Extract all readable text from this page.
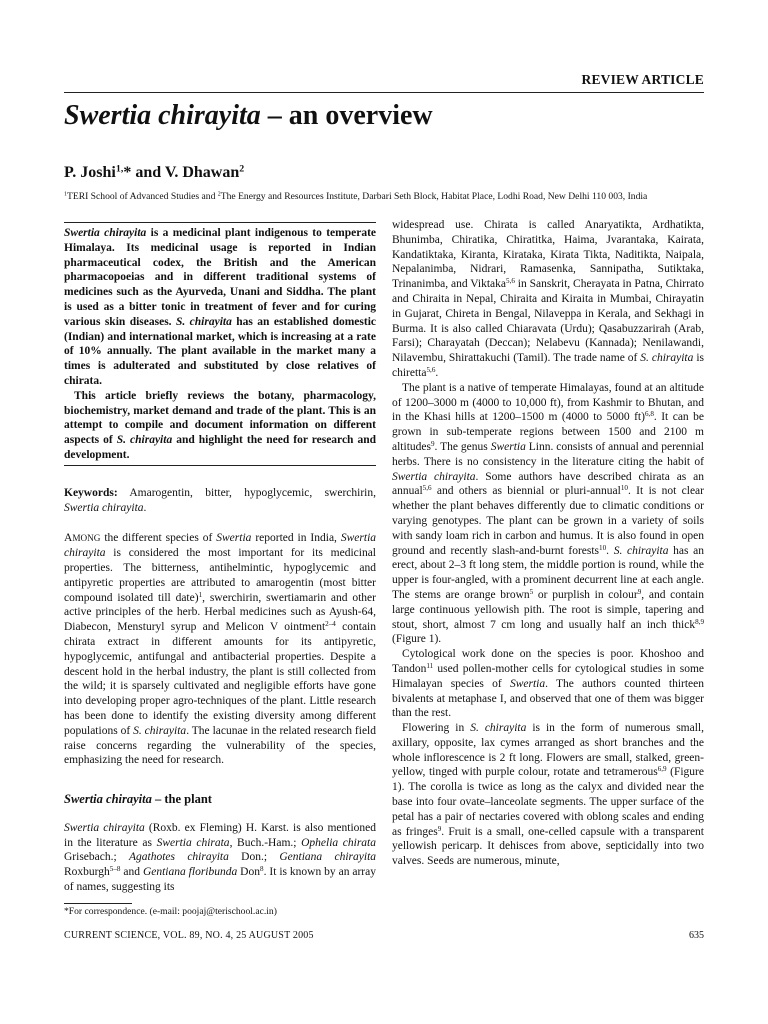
REVIEW ARTICLE
Swertia chirayita – an overview
P. Joshi$^{1,}$* and V. Dhawan$^2$
$^1$TERI School of Advanced Studies and $^2$The Energy and Resources Institute, Darbari Seth Block, Habitat Place, Lodhi Road, New Delhi 110 003, India

Swertia chirayita is a medicinal plant indigenous to temperate Himalaya. Its medicinal usage is reported in Indian pharmaceutical codex, the British and the American pharmacopoeias and in different traditional systems of medicines such as the Ayurveda, Unani and Siddha. The plant is used as a bitter tonic in treatment of fever and for curing various skin diseases. S. chirayita has an established domestic (Indian) and international market, which is increasing at a rate of 10% annually. The plant available in the market many a times is adulterated and substituted by close relatives of chirata.

This article briefly reviews the botany, pharmacology, biochemistry, market demand and trade of the plant. This is an attempt to compile and document information on different aspects of S. chirayita and highlight the need for research and development.

Keywords: Amarogentin, bitter, hypoglycemic, swerchirin, Swertia chirayita.

AMONG the different species of Swertia reported in India, Swertia chirayita is considered the most important for its medicinal properties. The bitterness, antihelmintic, hypoglycemic and antipyretic properties are attributed to amarogentin (most bitter compound isolated till date)$^1$, swerchirin, swertiamarin and other active principles of the herb. Herbal medicines such as Ayush-64, Diabecon, Mensturyl syrup and Melicon V ointment$^{2-4}$ contain chirata extract in different amounts for its antipyretic, hypoglycemic, antifungal and antibacterial properties. Despite a descent hold in the herbal industry, the plant is still collected from the wild; it is sparsely cultivated and negligible efforts have gone into developing proper agro-techniques of the plant. Little research has been done to identify the existing diversity among different populations of S. chirayita. The lacunae in the related research field raise concerns regarding the vulnerability of the species, emphasizing the need for research.

Swertia chirayita – the plant

Swertia chirayita (Roxb. ex Fleming) H. Karst. is also mentioned in the literature as Swertia chirata, Buch.-Ham.; Ophelia chirata Grisebach.; Agathotes chirayita Don.; Gentiana chirayita Roxburgh$^{5-8}$ and Gentiana floribunda Don$^8$. It is known by an array of names, suggesting its

widespread use. Chirata is called Anaryatikta, Ardhatikta, Bhunimba, Chiratika, Chiratitka, Haima, Jvarantaka, Kairata, Kandatiktaka, Kiranta, Kirataka, Kirata Tikta, Naditikta, Naipala, Nepalanimba, Nidrari, Ramasenka, Sannipatha, Sutiktaka, Trinanimba, and Viktaka$^{5,6}$ in Sanskrit, Cherayata in Patna, Chirrato and Chiraita in Nepal, Chiraita and Kiraita in Mumbai, Chirayatin in Gujarat, Chireta in Bengal, Nilaveppa in Kerala, and Sekhagi in Burma. It is also called Chiaravata (Urdu); Qasabuzzarirah (Arab, Farsi); Charayatah (Deccan); Nelabevu (Kannada); Nenilawandi, Nilavembu, Shirattakuchi (Tamil). The trade name of S. chirayita is chiretta$^{5,6}$.

The plant is a native of temperate Himalayas, found at an altitude of 1200–3000 m (4000 to 10,000 ft), from Kashmir to Bhutan, and in the Khasi hills at 1200–1500 m (4000 to 5000 ft)$^{6,8}$. It can be grown in sub-temperate regions between 1500 and 2100 m altitudes$^9$. The genus Swertia Linn. consists of annual and perennial herbs. There is no consistency in the literature citing the habit of Swertia chirayita. Some authors have described chirata as an annual$^{5,6}$ and others as biennial or pluri-annual$^{10}$. It is not clear whether the plant behaves differently due to climatic conditions or varying genotypes. The plant can be grown in a variety of soils with sandy loam rich in carbon and humus. It is also found in open ground and recently slash-and-burnt forests$^{10}$. S. chirayita has an erect, about 2–3 ft long stem, the middle portion is round, while the upper is four-angled, with a prominent decurrent line at each angle. The stems are orange brown$^5$ or purplish in colour$^9$, and contain large continuous yellowish pith. The root is simple, tapering and stout, short, almost 7 cm long and usually half an inch thick$^{8,9}$ (Figure 1).

Cytological work done on the species is poor. Khoshoo and Tandon$^{11}$ used pollen-mother cells for cytological studies in some Himalayan species of Swertia. The authors counted thirteen bivalents at metaphase I, and observed that one of them was bigger than the rest.

Flowering in S. chirayita is in the form of numerous small, axillary, opposite, lax cymes arranged as short branches and the whole inflorescence is 2 ft long. Flowers are small, stalked, green-yellow, tinged with purple colour, rotate and tetramerous$^{6,9}$ (Figure 1). The corolla is twice as long as the calyx and divided near the base into four ovate–lanceolate segments. The upper surface of the petal has a pair of nectaries covered with oblong scales and ending as fringes$^9$. Fruit is a small, one-celled capsule with a transparent yellowish pericarp. It dehisces from above, septicidally into two valves. Seeds are numerous, minute,

*For correspondence. (e-mail: poojaj@terischool.ac.in)
CURRENT SCIENCE, VOL. 89, NO. 4, 25 AUGUST 2005	635
